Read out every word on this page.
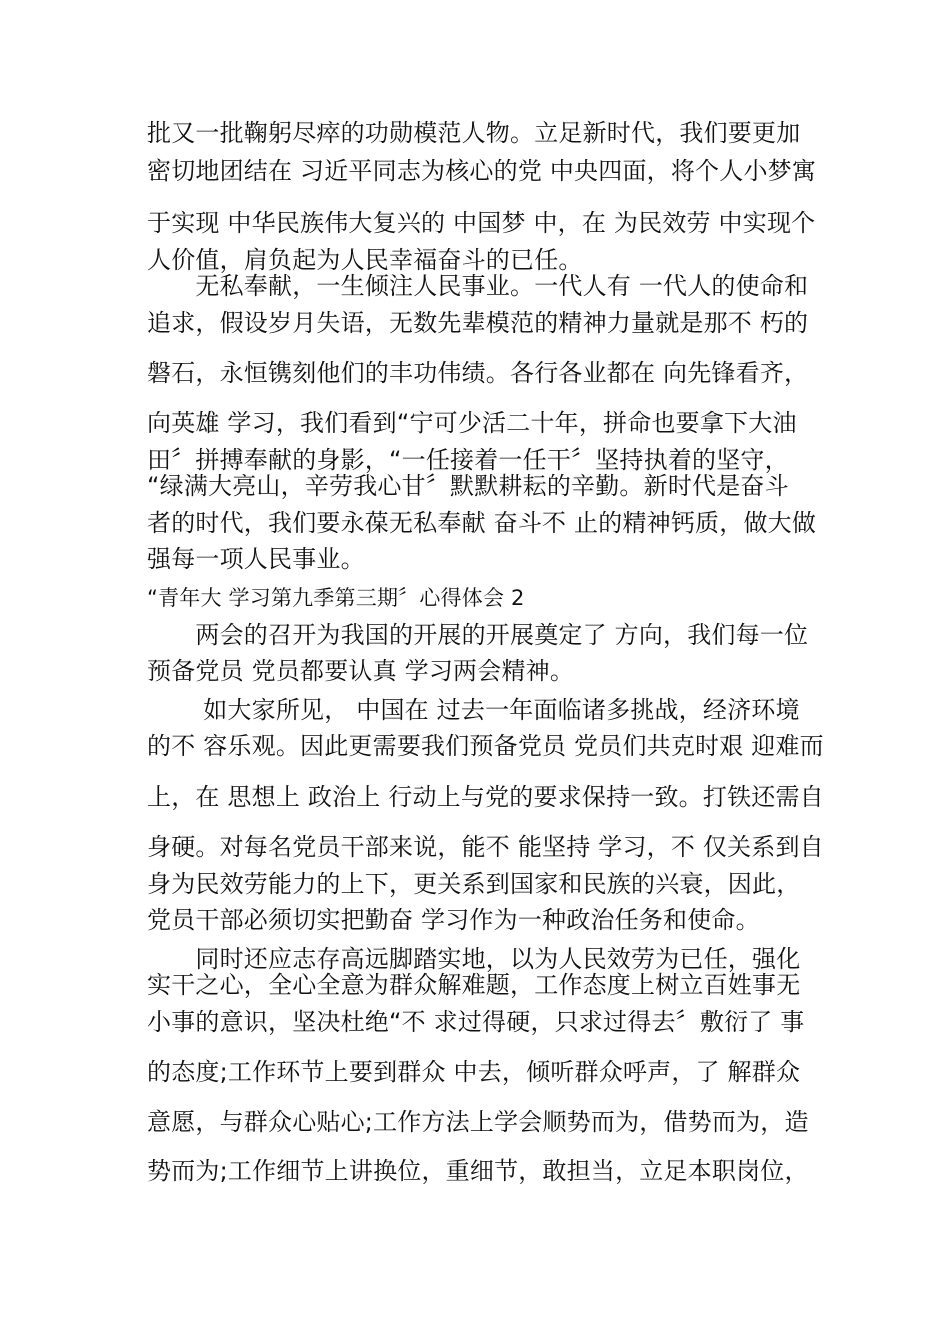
批又一批鞠躬尽瘁的功勋模范人物。立足新时代，我们要更加
密切地团结在 习近平同志为核心的党 中央四面，将个人小梦寓
于实现 中华民族伟大复兴的 中国梦 中，在 为民效劳 中实现个
人价值，肩负起为人民幸福奋斗的已任。
　　无私奉献，一生倾注人民事业。一代人有 一代人的使命和
追求，假设岁月失语，无数先辈模范的精神力量就是那不 朽的
磐石，永恒镌刻他们的丰功伟绩。各行各业都在 向先锋看齐，
向英雄 学习，我们看到“宁可少活二十年，拼命也要拿下大油
田〞拼搏奉献的身影，“一任接着一任干〞坚持执着的坚守，
“绿满大亮山，辛劳我心甘〞默默耕耘的辛勤。新时代是奋斗
者的时代，我们要永葆无私奉献 奋斗不 止的精神钙质，做大做
强每一项人民事业。
“青年大 学习第九季第三期〞心得体会 2
　　两会的召开为我国的开展的开展奠定了 方向，我们每一位
预备党员 党员都要认真 学习两会精神。
　　 如大家所见， 中国在 过去一年面临诸多挑战，经济环境
的不 容乐观。因此更需要我们预备党员 党员们共克时艰 迎难而
上，在 思想上 政治上 行动上与党的要求保持一致。打铁还需自
身硬。对每名党员干部来说，能不 能坚持 学习，不 仅关系到自
身为民效劳能力的上下，更关系到国家和民族的兴衰，因此，
党员干部必须切实把勤奋 学习作为一种政治任务和使命。
　　同时还应志存高远脚踏实地，以为人民效劳为已任，强化
实干之心，全心全意为群众解难题，工作态度上树立百姓事无
小事的意识，坚决杜绝“不 求过得硬，只求过得去〞敷衍了 事
的态度;工作环节上要到群众 中去，倾听群众呼声，了 解群众
意愿，与群众心贴心;工作方法上学会顺势而为，借势而为，造
势而为;工作细节上讲换位，重细节，敢担当，立足本职岗位，
